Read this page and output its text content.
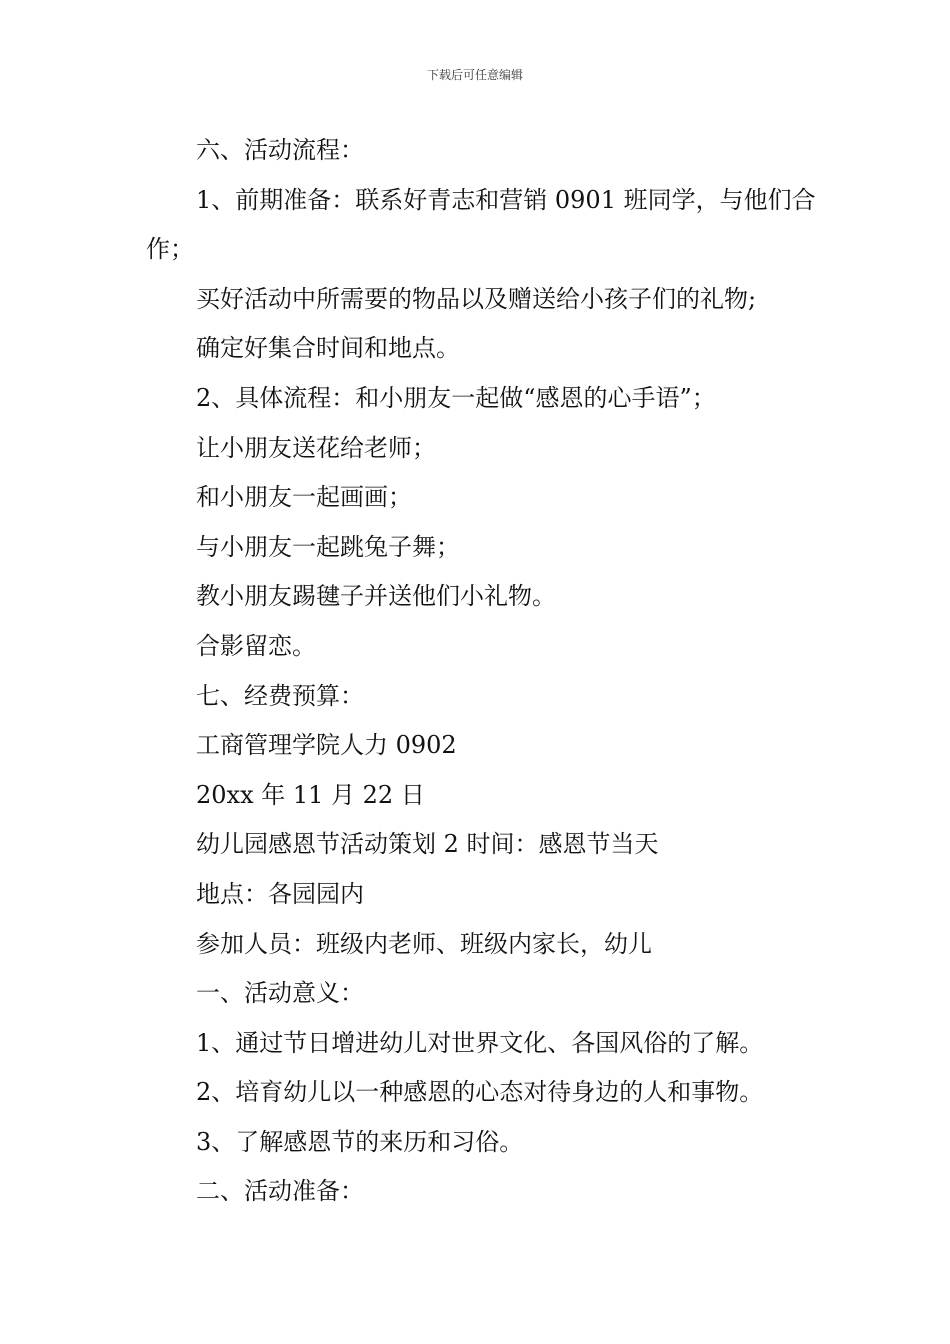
下载后可任意编辑

六、活动流程：

1、前期准备：联系好青志和营销 0901 班同学，与他们合作；

买好活动中所需要的物品以及赠送给小孩子们的礼物;

确定好集合时间和地点。

2、具体流程：和小朋友一起做“感恩的心手语”；

让小朋友送花给老师；

和小朋友一起画画；

与小朋友一起跳兔子舞；

教小朋友踢毽子并送他们小礼物。

合影留恋。

七、经费预算：

工商管理学院人力 0902

20xx 年 11 月 22 日

幼儿园感恩节活动策划 2 时间：感恩节当天

地点：各园园内

参加人员：班级内老师、班级内家长，幼儿

一、活动意义：

1、通过节日增进幼儿对世界文化、各国风俗的了解。

2、培育幼儿以一种感恩的心态对待身边的人和事物。

3、了解感恩节的来历和习俗。

二、活动准备：
